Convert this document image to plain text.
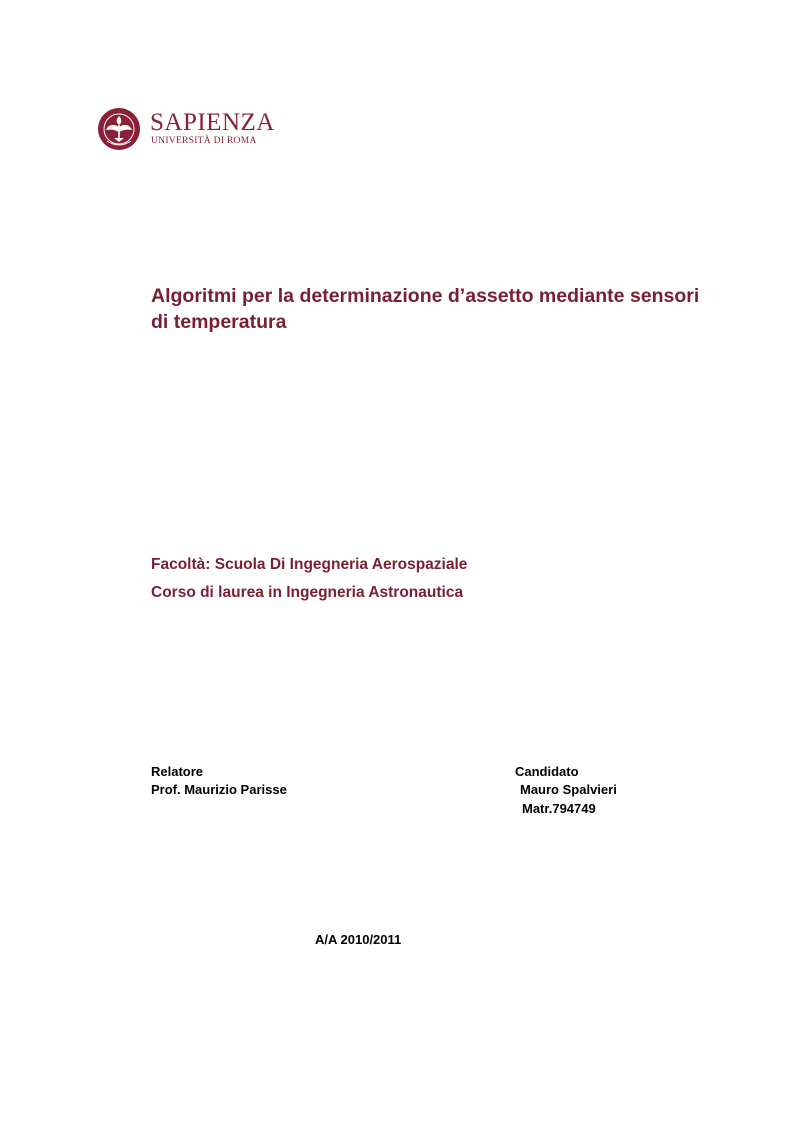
SAPIENZA
UNIVERSITÀ DI ROMA
Algoritmi per la determinazione d’assetto mediante sensori di temperatura
Facoltà: Scuola Di Ingegneria Aerospaziale
Corso di laurea in Ingegneria Astronautica
Relatore
Prof. Maurizio Parisse
Candidato
Mauro Spalvieri
Matr.794749
A/A 2010/2011
